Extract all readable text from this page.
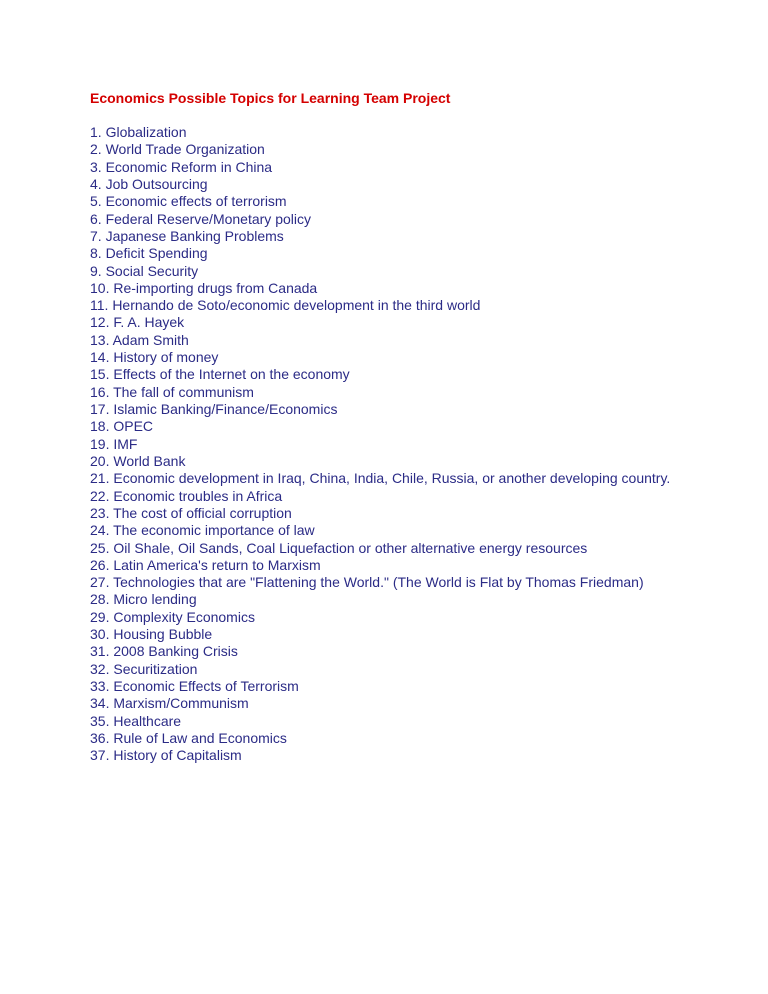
Economics Possible Topics for Learning Team Project
1. Globalization
2. World Trade Organization
3. Economic Reform in China
4. Job Outsourcing
5. Economic effects of terrorism
6. Federal Reserve/Monetary policy
7. Japanese Banking Problems
8. Deficit Spending
9. Social Security
10. Re-importing drugs from Canada
11. Hernando de Soto/economic development in the third world
12. F. A. Hayek
13. Adam Smith
14. History of money
15. Effects of the Internet on the economy
16. The fall of communism
17. Islamic Banking/Finance/Economics
18. OPEC
19. IMF
20. World Bank
21. Economic development in Iraq, China, India, Chile, Russia, or another developing country.
22. Economic troubles in Africa
23. The cost of official corruption
24. The economic importance of law
25. Oil Shale, Oil Sands, Coal Liquefaction or other alternative energy resources
26. Latin America's return to Marxism
27. Technologies that are "Flattening the World." (The World is Flat by Thomas Friedman)
28. Micro lending
29. Complexity Economics
30. Housing Bubble
31. 2008 Banking Crisis
32. Securitization
33. Economic Effects of Terrorism
34. Marxism/Communism
35. Healthcare
36. Rule of Law and Economics
37. History of Capitalism
